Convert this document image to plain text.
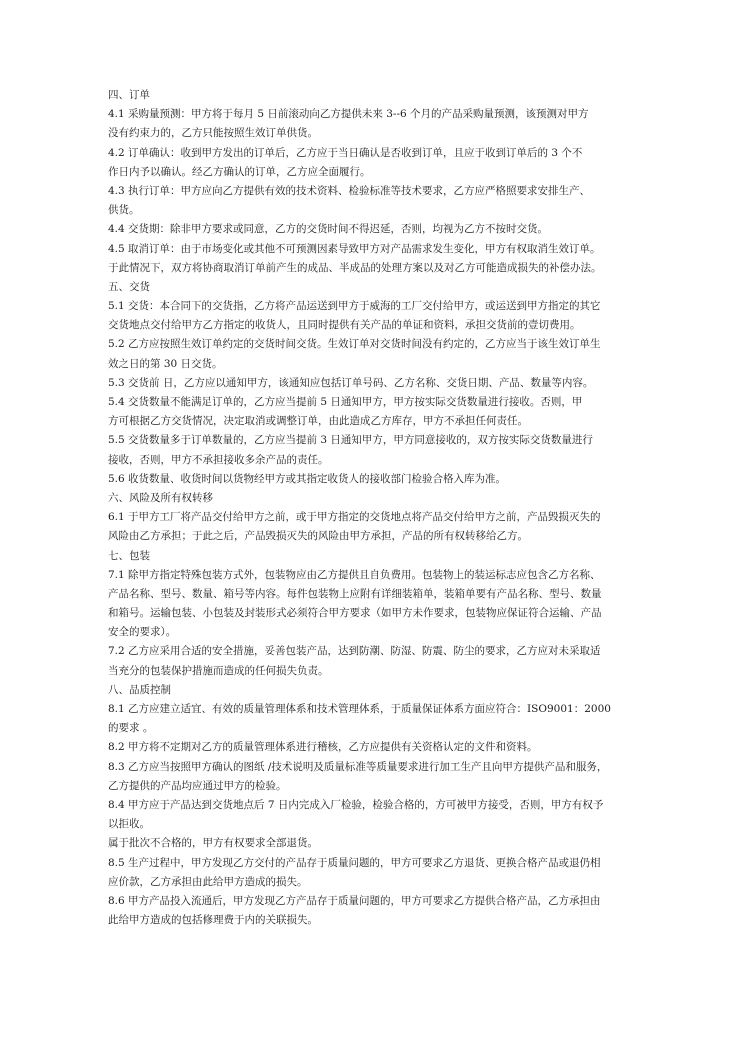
四、订单
4.1 采购量预测：甲方将于每月 5 日前滚动向乙方提供未来 3--6 个月的产品采购量预测，该预测对甲方
没有约束力的，乙方只能按照生效订单供货。
4.2 订单确认：收到甲方发出的订单后，乙方应于当日确认是否收到订单，且应于收到订单后的 3 个不
作日内予以确认。经乙方确认的订单，乙方应全面履行。
4.3 执行订单：甲方应向乙方提供有效的技术资料、检验标准等技术要求，乙方应严格照要求安排生产、
供货。
4.4 交货期：除非甲方要求或同意，乙方的交货时间不得迟延，否则，均视为乙方不按时交货。
4.5 取消订单：由于市场变化或其他不可预测因素导致甲方对产品需求发生变化，甲方有权取消生效订单。
于此情况下，双方将协商取消订单前产生的成品、半成品的处理方案以及对乙方可能造成损失的补偿办法。
五、交货
5.1 交货：本合同下的交货指，乙方将产品运送到甲方于威海的工厂交付给甲方，或运送到甲方指定的其它
交货地点交付给甲方乙方指定的收货人，且同时提供有关产品的单证和资料，承担交货前的壹切费用。
5.2 乙方应按照生效订单约定的交货时间交货。生效订单对交货时间没有约定的，乙方应当于该生效订单生
效之日的第 30 日交货。
5.3 交货前 日，乙方应以通知甲方，该通知应包括订单号码、乙方名称、交货日期、产品、数量等内容。
5.4 交货数量不能满足订单的，乙方应当提前 5 日通知甲方，甲方按实际交货数量进行接收。否则，甲
方可根据乙方交货情况，决定取消或调整订单，由此造成乙方库存，甲方不承担任何责任。
5.5 交货数量多于订单数量的，乙方应当提前 3 日通知甲方，甲方同意接收的，双方按实际交货数量进行
接收，否则，甲方不承担接收多余产品的责任。
5.6 收货数量、收货时间以货物经甲方或其指定收货人的接收部门检验合格入库为准。
六、风险及所有权转移
6.1 于甲方工厂将产品交付给甲方之前，或于甲方指定的交货地点将产品交付给甲方之前，产品毁损灭失的
风险由乙方承担；于此之后，产品毁损灭失的风险由甲方承担，产品的所有权转移给乙方。
七、包装
7.1 除甲方指定特殊包装方式外，包装物应由乙方提供且自负费用。包装物上的装运标志应包含乙方名称、
产品名称、型号、数量、箱号等内容。每件包装物上应附有详细装箱单，装箱单要有产品名称、型号、数量
和箱号。运输包装、小包装及封装形式必须符合甲方要求（如甲方未作要求，包装物应保证符合运输、产品
安全的要求）。
7.2 乙方应采用合适的安全措施，妥善包装产品，达到防潮、防湿、防震、防尘的要求，乙方应对未采取适
当充分的包装保护措施而造成的任何损失负责。
八、品质控制
8.1 乙方应建立适宜、有效的质量管理体系和技术管理体系，于质量保证体系方面应符合：ISO9001：2000
的要求 。
8.2 甲方将不定期对乙方的质量管理体系进行稽核，乙方应提供有关资格认定的文件和资料。
8.3 乙方应当按照甲方确认的图纸 /技术说明及质量标准等质量要求进行加工生产且向甲方提供产品和服务，
乙方提供的产品均应通过甲方的检验。
8.4 甲方应于产品达到交货地点后 7 日内完成入厂检验，检验合格的，方可被甲方接受，否则，甲方有权予
以拒收。
属于批次不合格的，甲方有权要求全部退货。
8.5 生产过程中，甲方发现乙方交付的产品存于质量问题的，甲方可要求乙方退货、更换合格产品或退仍相
应价款，乙方承担由此给甲方造成的损失。
8.6 甲方产品投入流通后，甲方发现乙方产品存于质量问题的，甲方可要求乙方提供合格产品，乙方承担由
此给甲方造成的包括修理费于内的关联损失。
